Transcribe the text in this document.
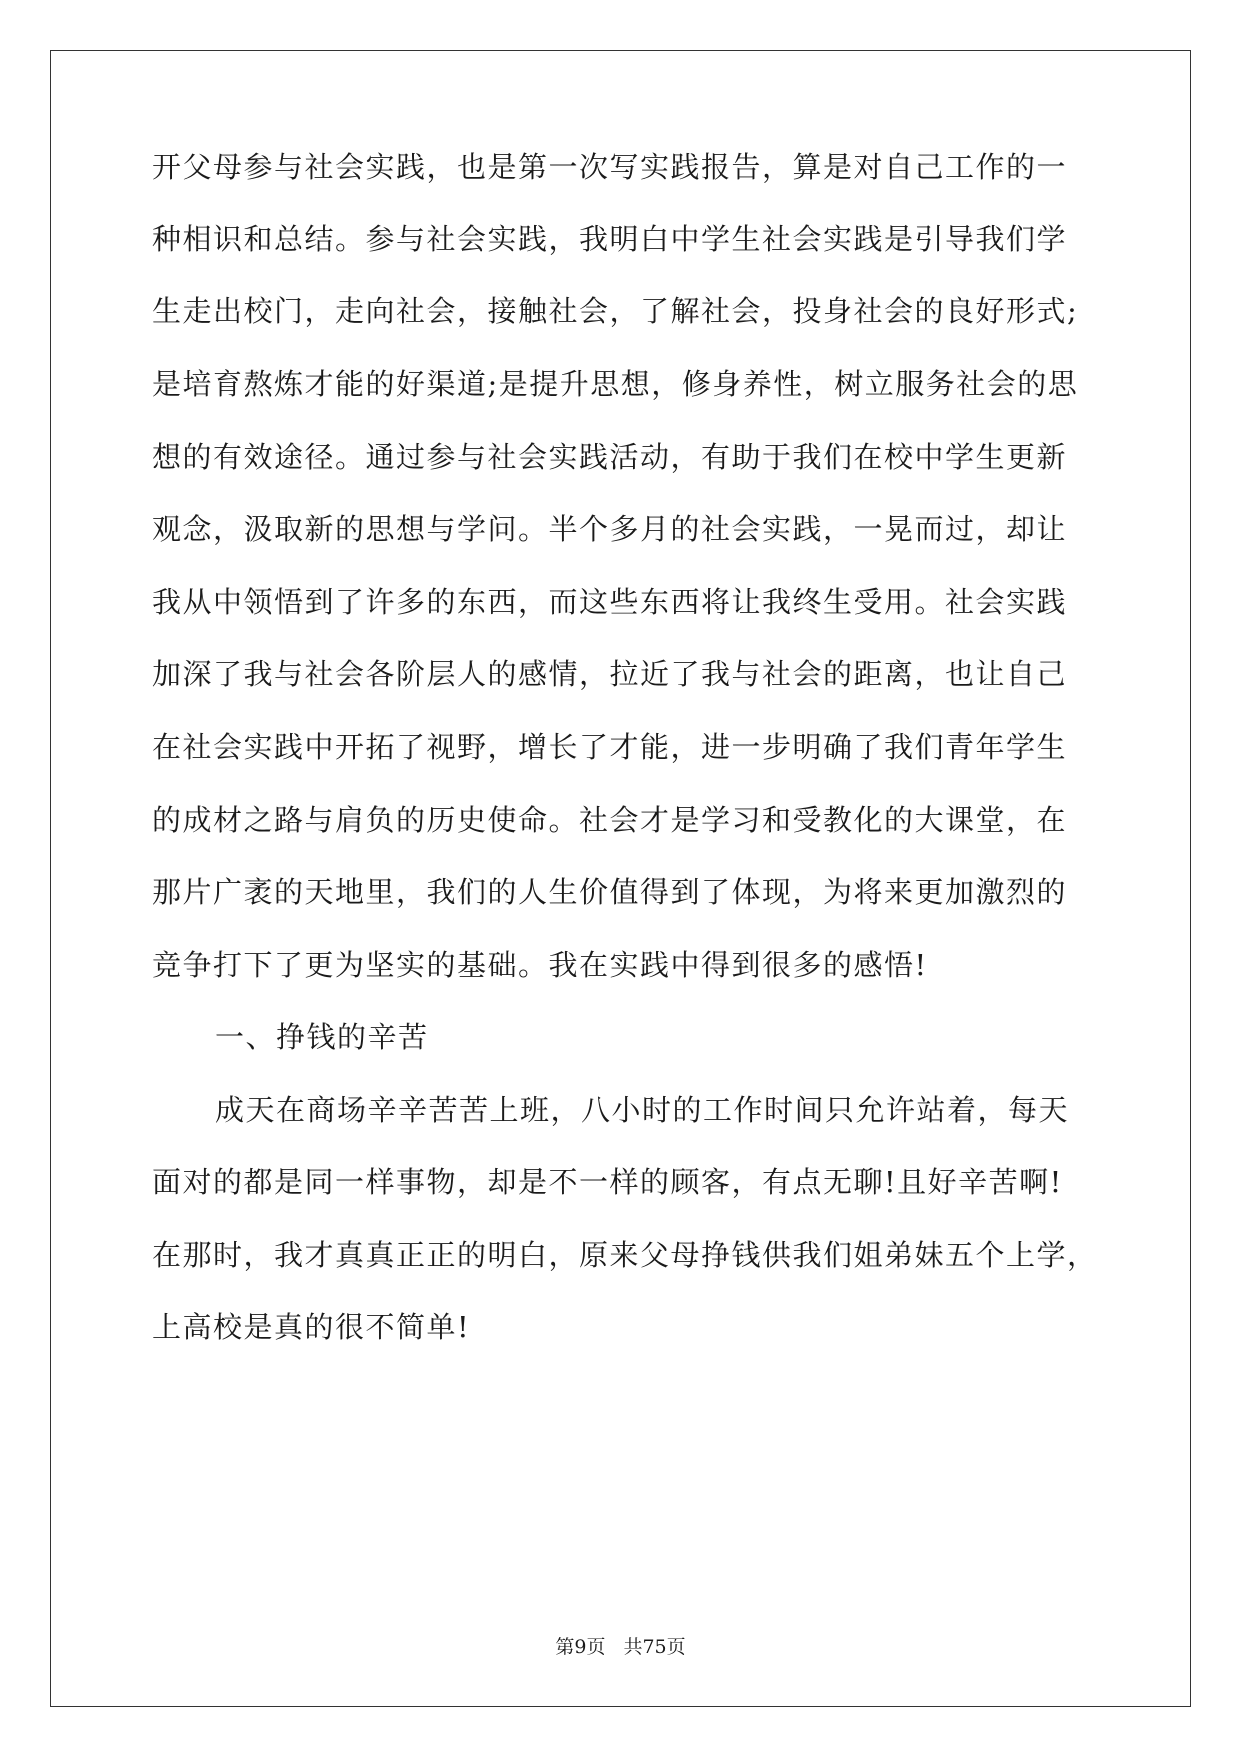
开父母参与社会实践，也是第一次写实践报告，算是对自己工作的一
种相识和总结。参与社会实践，我明白中学生社会实践是引导我们学
生走出校门，走向社会，接触社会，了解社会，投身社会的良好形式;
是培育熬炼才能的好渠道;是提升思想，修身养性，树立服务社会的思
想的有效途径。通过参与社会实践活动，有助于我们在校中学生更新
观念，汲取新的思想与学问。半个多月的社会实践，一晃而过，却让
我从中领悟到了许多的东西，而这些东西将让我终生受用。社会实践
加深了我与社会各阶层人的感情，拉近了我与社会的距离，也让自己
在社会实践中开拓了视野，增长了才能，进一步明确了我们青年学生
的成材之路与肩负的历史使命。社会才是学习和受教化的大课堂，在
那片广袤的天地里，我们的人生价值得到了体现，为将来更加激烈的
竞争打下了更为坚实的基础。我在实践中得到很多的感悟!
一、挣钱的辛苦
成天在商场辛辛苦苦上班，八小时的工作时间只允许站着，每天
面对的都是同一样事物，却是不一样的顾客，有点无聊!且好辛苦啊!
在那时，我才真真正正的明白，原来父母挣钱供我们姐弟妹五个上学，
上高校是真的很不简单!
第9页 共75页
